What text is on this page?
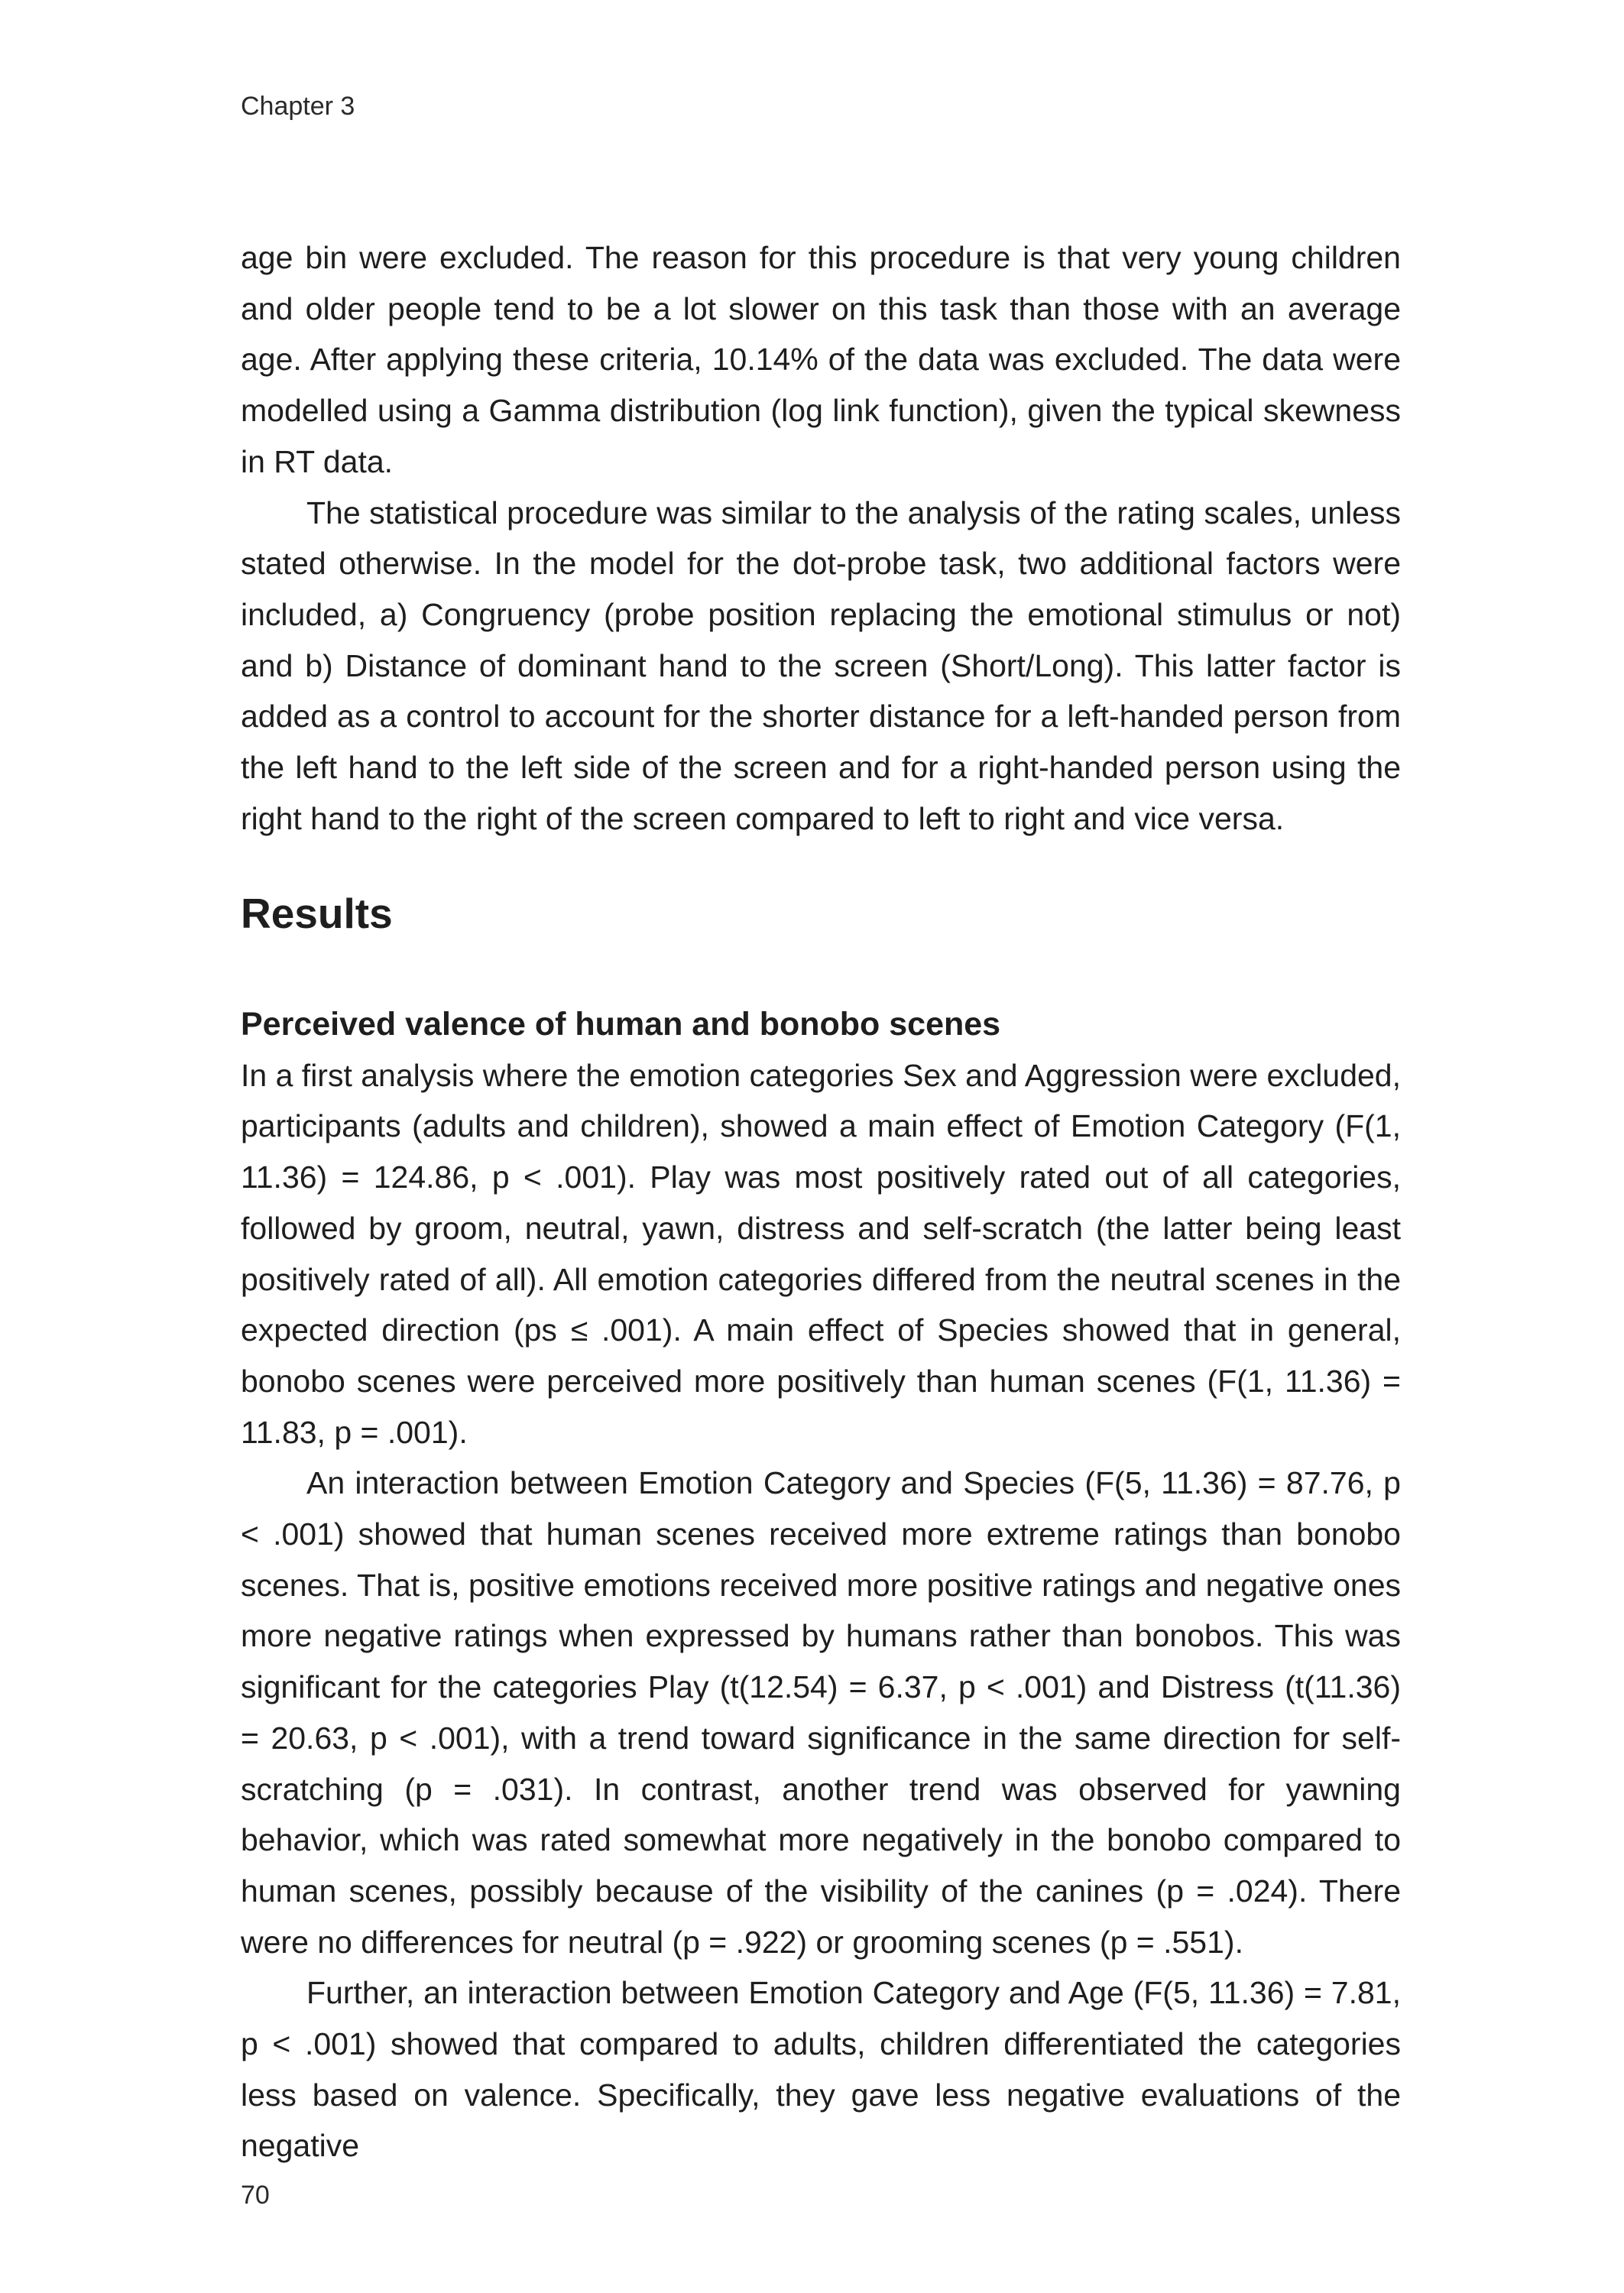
Chapter 3

age bin were excluded. The reason for this procedure is that very young children and older people tend to be a lot slower on this task than those with an average age. After applying these criteria, 10.14% of the data was excluded. The data were modelled using a Gamma distribution (log link function), given the typical skewness in RT data.

The statistical procedure was similar to the analysis of the rating scales, unless stated otherwise. In the model for the dot-probe task, two additional factors were included, a) Congruency (probe position replacing the emotional stimulus or not) and b) Distance of dominant hand to the screen (Short/Long). This latter factor is added as a control to account for the shorter distance for a left-handed person from the left hand to the left side of the screen and for a right-handed person using the right hand to the right of the screen compared to left to right and vice versa.

Results
Perceived valence of human and bonobo scenes

In a first analysis where the emotion categories Sex and Aggression were excluded, participants (adults and children), showed a main effect of Emotion Category (F(1, 11.36) = 124.86, p < .001). Play was most positively rated out of all categories, followed by groom, neutral, yawn, distress and self-scratch (the latter being least positively rated of all). All emotion categories differed from the neutral scenes in the expected direction (ps ≤ .001). A main effect of Species showed that in general, bonobo scenes were perceived more positively than human scenes (F(1, 11.36) = 11.83, p = .001).

An interaction between Emotion Category and Species (F(5, 11.36) = 87.76, p < .001) showed that human scenes received more extreme ratings than bonobo scenes. That is, positive emotions received more positive ratings and negative ones more negative ratings when expressed by humans rather than bonobos. This was significant for the categories Play (t(12.54) = 6.37, p < .001) and Distress (t(11.36) = 20.63, p < .001), with a trend toward significance in the same direction for self-scratching (p = .031). In contrast, another trend was observed for yawning behavior, which was rated somewhat more negatively in the bonobo compared to human scenes, possibly because of the visibility of the canines (p = .024). There were no differences for neutral (p = .922) or grooming scenes (p = .551).

Further, an interaction between Emotion Category and Age (F(5, 11.36) = 7.81, p < .001) showed that compared to adults, children differentiated the categories less based on valence. Specifically, they gave less negative evaluations of the negative

70
